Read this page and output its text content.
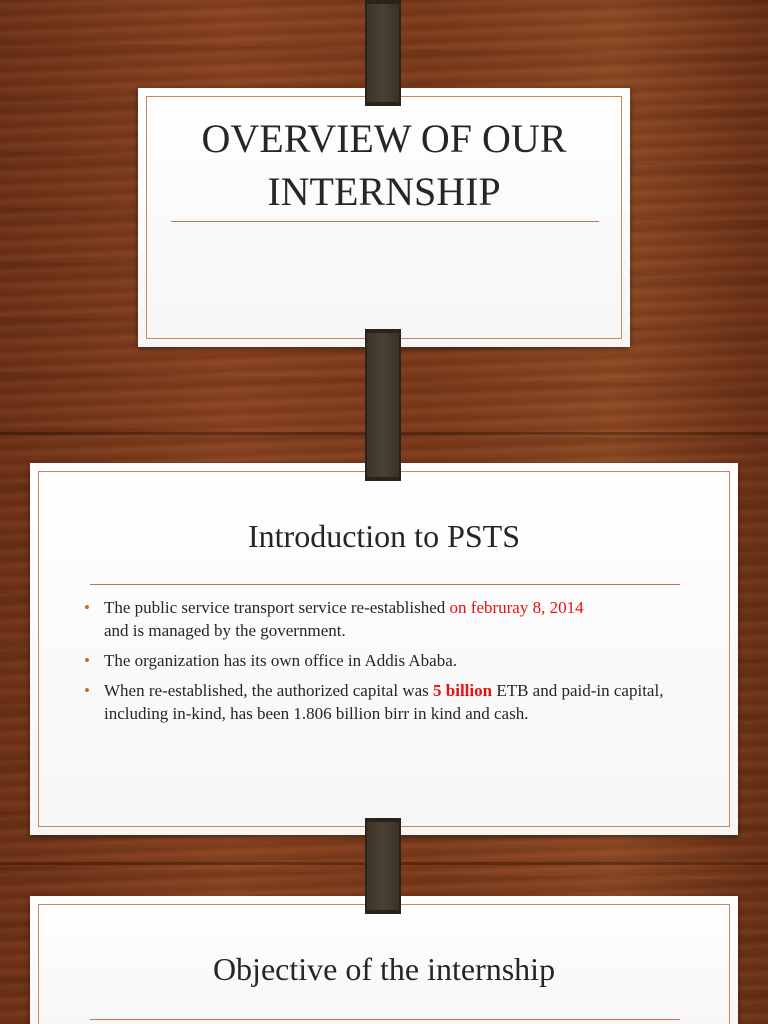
OVERVIEW OF OUR
INTERNSHIP
Introduction to PSTS
• The public service transport service re-established on februray 8, 2014
and is managed by the government.
• The organization has its own office in Addis Ababa.
• When re-established, the authorized capital was 5 billion ETB and paid-in capital, including in-kind, has been 1.806 billion birr in kind and cash.
Objective of the internship
